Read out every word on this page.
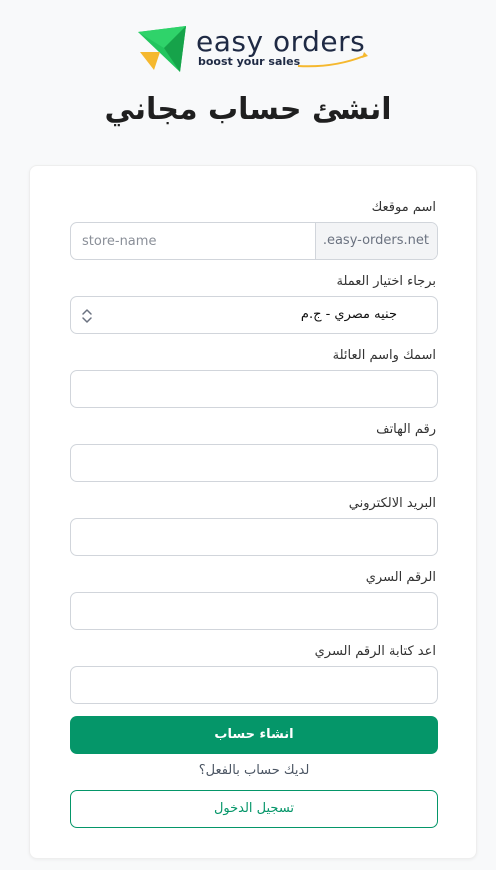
easy orders
boost your sales
انشئ حساب مجاني
اسم موقعك
store-name
.easy-orders.net
برجاء اختيار العملة
جنيه مصري - ج.م
اسمك واسم العائلة
رقم الهاتف
البريد الالكتروني
الرقم السري
اعد كتابة الرقم السري
انشاء حساب
لديك حساب بالفعل؟
تسجيل الدخول
